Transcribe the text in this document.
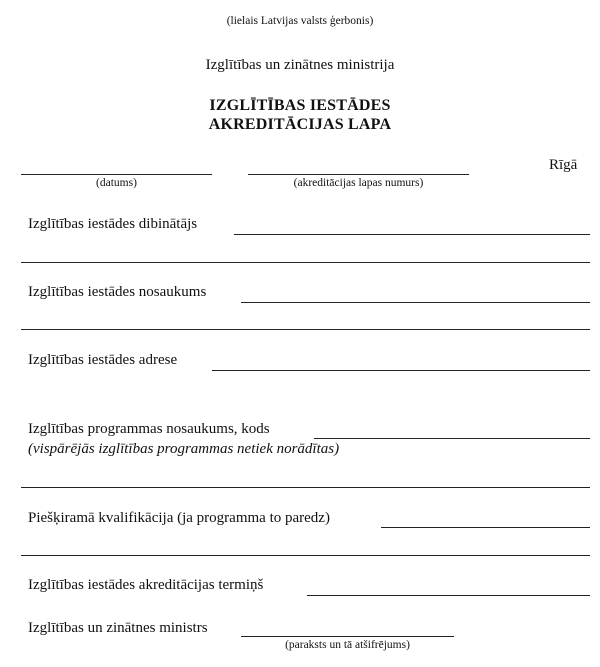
(lielais Latvijas valsts ģerbonis)
Izglītības un zinātnes ministrija
IZGLĪTĪBAS IESTĀDES
AKREDITĀCIJAS LAPA
(datums)	(akreditācijas lapas numurs)
Rīgā
Izglītības iestādes dibinātājs
Izglītības iestādes nosaukums
Izglītības iestādes adrese
Izglītības programmas nosaukums, kods
(vispārējās izglītības programmas netiek norādītas)
Piešķiramā kvalifikācija (ja programma to paredz)
Izglītības iestādes akreditācijas termiņš
Izglītības un zinātnes ministrs
(paraksts un tā atšifrējums)
